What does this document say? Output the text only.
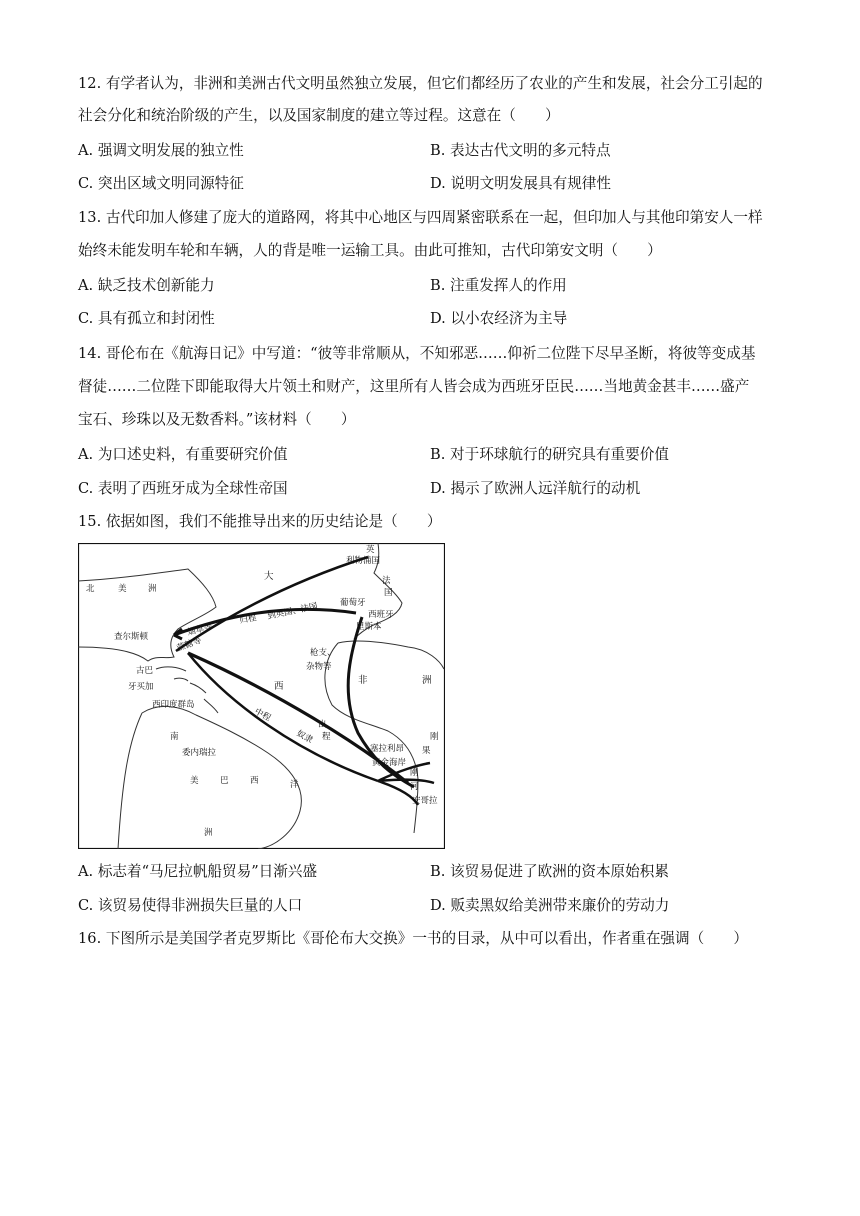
12. 有学者认为，非洲和美洲古代文明虽然独立发展，但它们都经历了农业的产生和发展，社会分工引起的
社会分化和统治阶级的产生，以及国家制度的建立等过程。这意在（　　）
A. 强调文明发展的独立性	B. 表达古代文明的多元特点
C. 突出区域文明同源特征	D. 说明文明发展具有规律性
13. 古代印加人修建了庞大的道路网，将其中心地区与四周紧密联系在一起，但印加人与其他印第安人一样
始终未能发明车轮和车辆，人的背是唯一运输工具。由此可推知，古代印第安文明（　　）
A. 缺乏技术创新能力	B. 注重发挥人的作用
C. 具有孤立和封闭性	D. 以小农经济为主导
14. 哥伦布在《航海日记》中写道：“彼等非常顺从，不知邪恶……仰祈二位陛下尽早圣断，将彼等变成基
督徒……二位陛下即能取得大片领土和财产，这里所有人皆会成为西班牙臣民……当地黄金甚丰……盛产
宝石、珍珠以及无数香料。”该材料（　　）
A. 为口述史料，有重要研究价值	B. 对于环球航行的研究具有重要价值
C. 表明了西班牙成为全球性帝国	D. 揭示了欧洲人远洋航行的动机
15. 依据如图，我们不能推导出来的历史结论是（　　）
北	美	洲
大
查尔斯顿	烟草等
蔗糖等
归程 到英国、法国
古巴
牙买加
西印度群岛
西
中程
奴隶
出
程
枪支、
杂物等
非	洲
英
利物浦国
法
国
葡萄牙
西班牙
里斯本
塞拉利昂
黄金海岸
刚
果
刚
河
安哥拉
南
委内瑞拉
美	巴	西	洋
洲
A. 标志着“马尼拉帆船贸易”日渐兴盛	B. 该贸易促进了欧洲的资本原始积累
C. 该贸易使得非洲损失巨量的人口	D. 贩卖黑奴给美洲带来廉价的劳动力
16. 下图所示是美国学者克罗斯比《哥伦布大交换》一书的目录，从中可以看出，作者重在强调（　　）
